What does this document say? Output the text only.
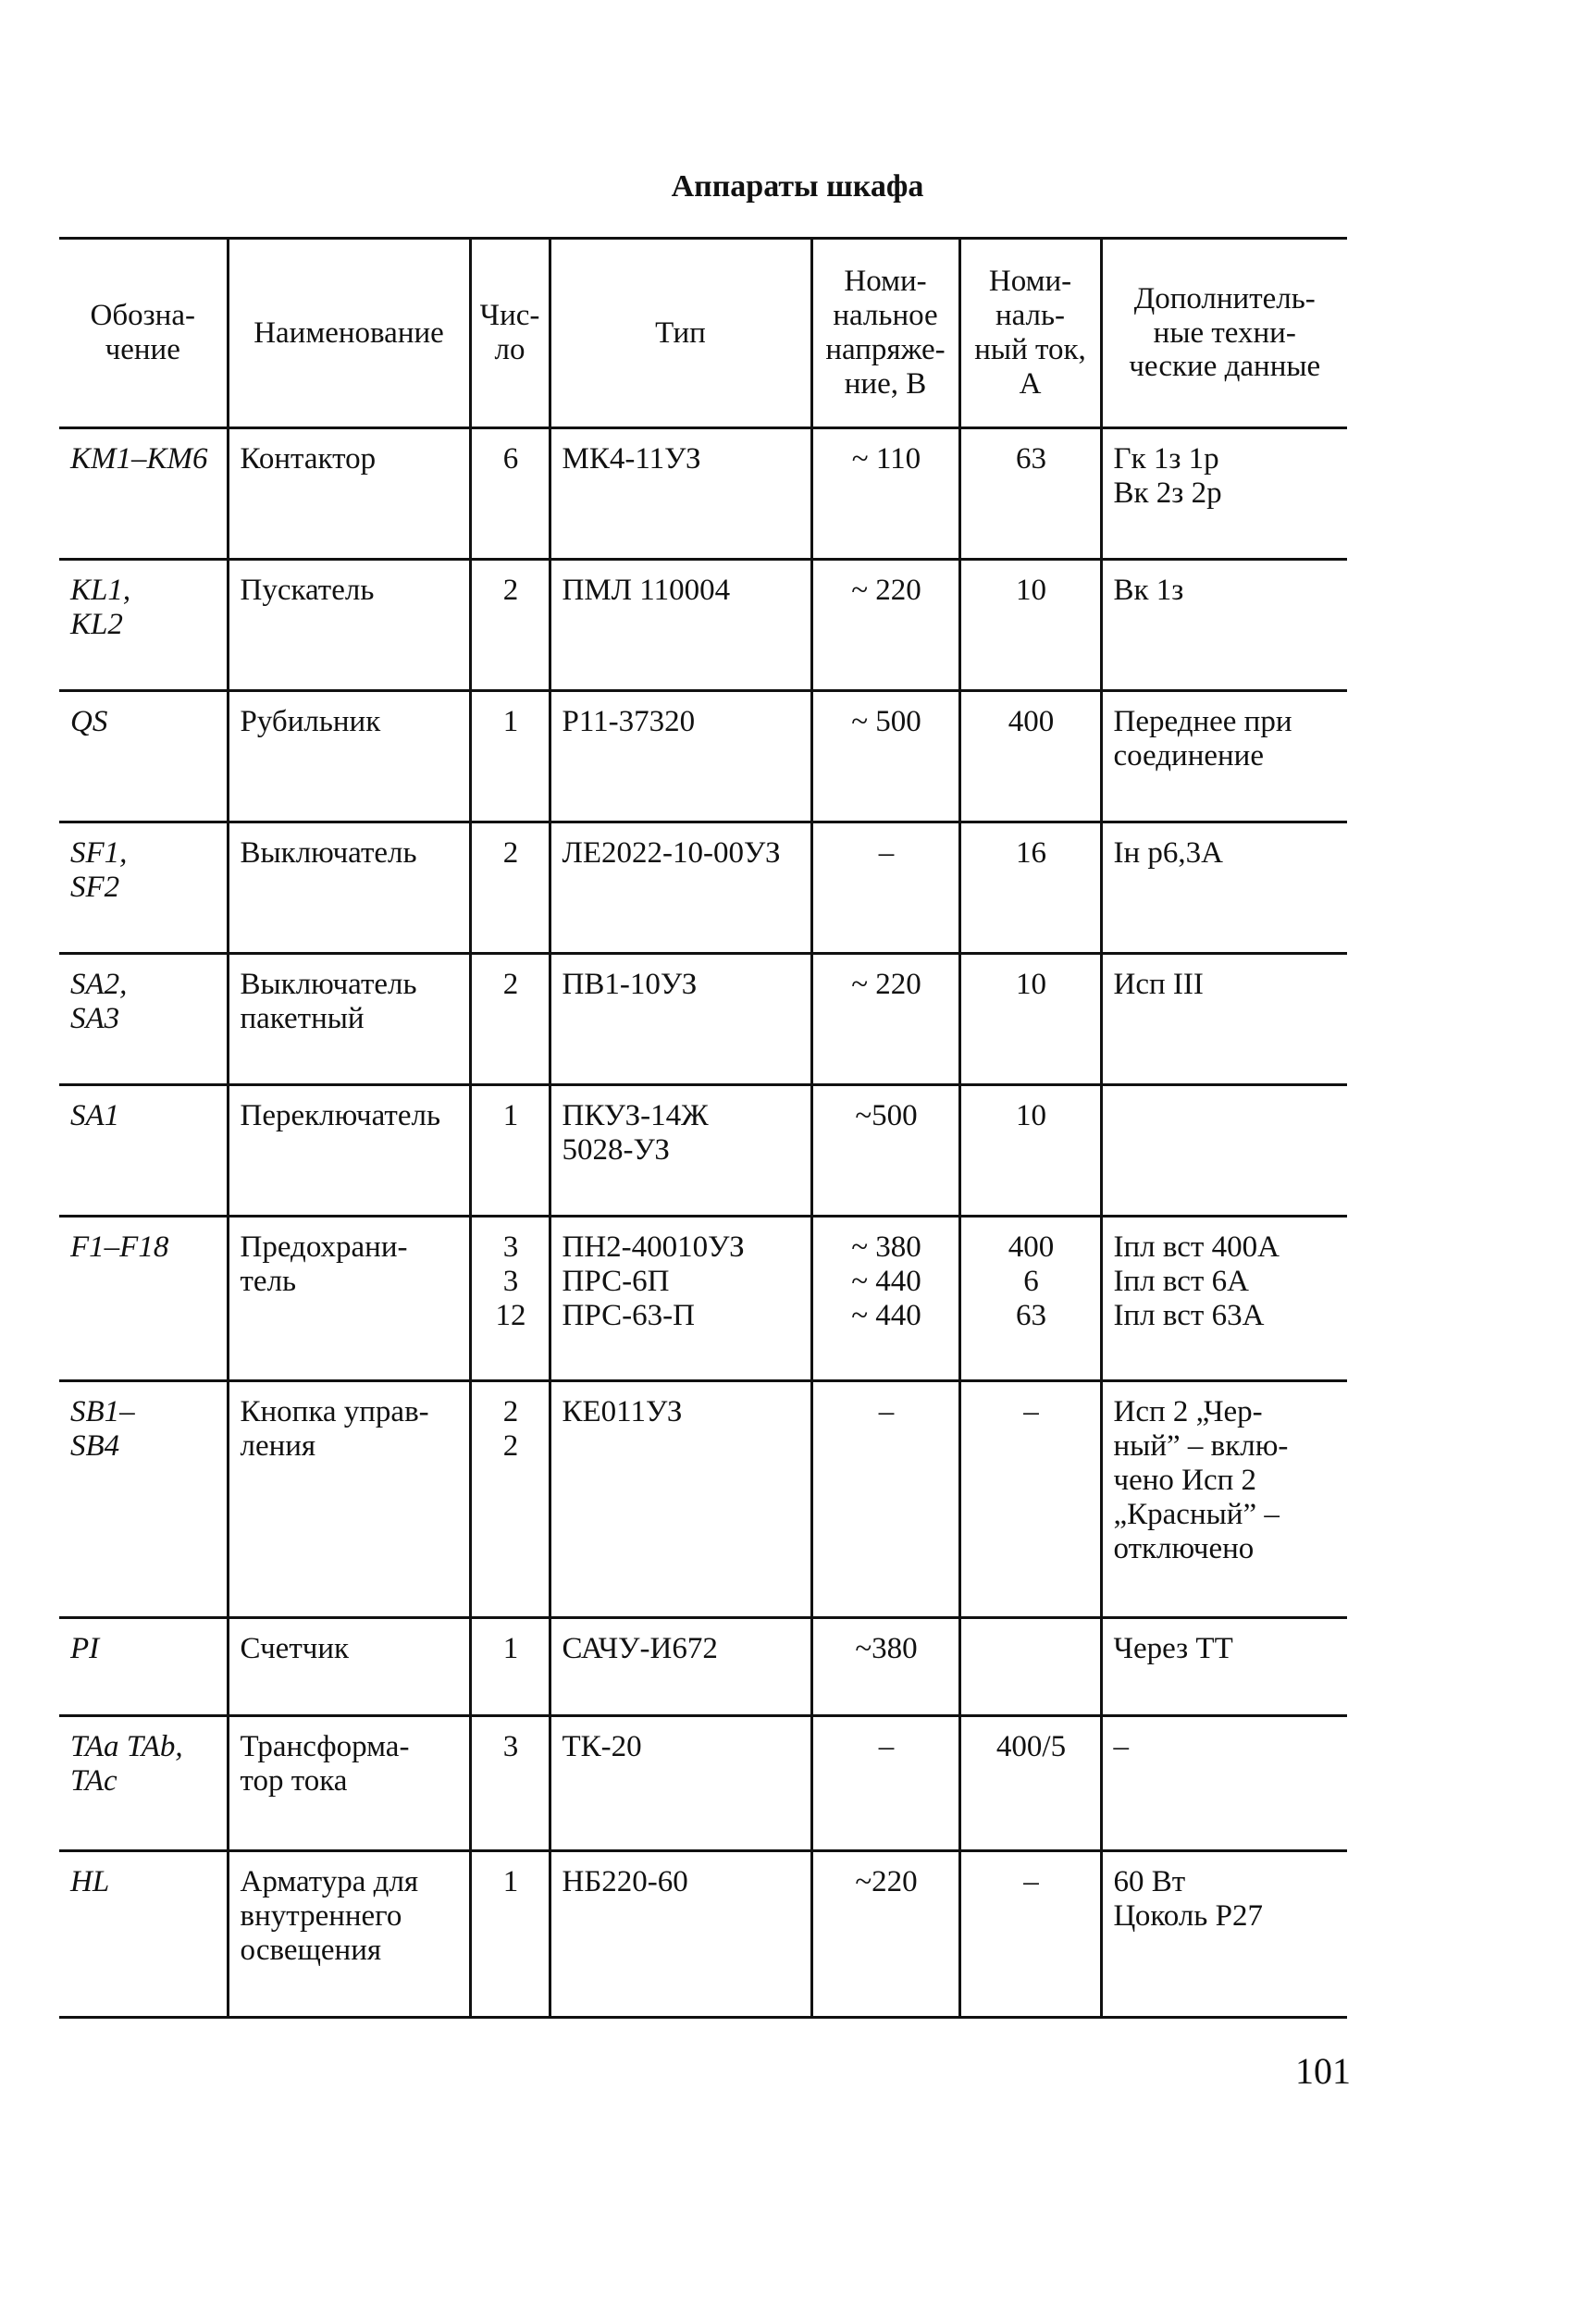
Аппараты шкафа
Обозна-
чение	Наименование	Чис-
ло	Тип	Номи-
нальное
напряже-
ние, В	Номи-
наль-
ный ток,
А	Дополнитель-
ные техни-
ческие данные

KM1–KM6	Контактор	6	МК4-11УЗ	~ 110	63	Гк 1з 1р
Вк 2з 2р

KL1,
KL2	Пускатель	2	ПМЛ 110004	~ 220	10	Вк 1з
QS	Рубильник	1	Р11-37320	~ 500	400	Переднее при
соединение

SF1,
SF2	Выключатель	2	ЛЕ2022-10-00УЗ	–	16	Iн р6,3А

SA2,
SA3	Выключатель
пакетный	2	ПВ1-10УЗ	~ 220	10	Исп III
SA1	Переключатель	1	ПКУЗ-14Ж
5028-УЗ	~500	10	
F1–F18	Предохрани-
тель	3
3
12	ПН2-40010УЗ
ПРС-6П
ПРС-63-П	~ 380
~ 440
~ 440	400
6
63	Iпл вст 400А
Iпл вст 6А
Iпл вст 63А

SB1–
SB4	Кнопка управ-
ления	2
2	КЕ011УЗ	–	–	Исп 2 „Чер-
ный” – вклю-
чено Исп 2
„Красный” –
отключено

PI	Счетчик	1	САЧУ-И672	~380		Через ТТ

TAa TAb,
TAc	Трансформа-
тор тока	3	ТК-20	–	400/5	–
HL	Арматура для
внутреннего
освещения	1	НБ220-60	~220	–	60 Вт
Цоколь Р27
101
